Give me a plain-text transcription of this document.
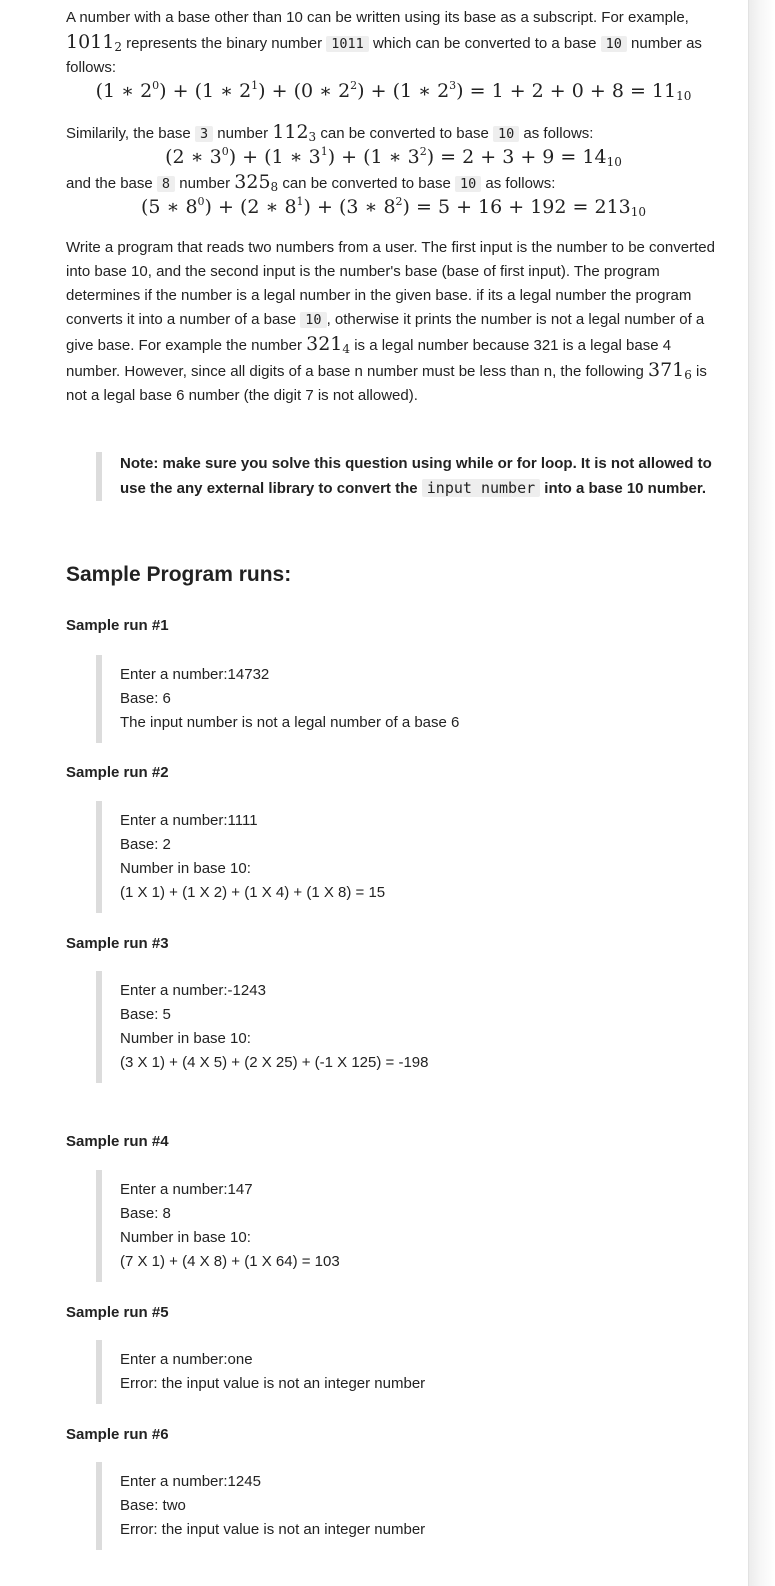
A number with a base other than 10 can be written using its base as a subscript. For example, $1011_2$ represents the binary number 1011 which can be converted to a base 10 number as follows:

(1 ∗ $2^0) + (1$ ∗ $2^1) + (0$ ∗ $2^2) + (1$ ∗ $2^3) = 1 + 2 + 0 + 8 = 11_{10}$

Similarily, the base 3 number $112_3$ can be converted to base 10 as follows:

(2 ∗ $3^0) + (1$ ∗ $3^1) + (1$ ∗ $3^2) = 2 + 3 + 9 = 14_{10}$

and the base 8 number $325_8$ can be converted to base 10 as follows:

(5 ∗ $8^0) + (2$ ∗ $8^1) + (3$ ∗ $8^2) = 5 + 16 + 192 = 213_{10}$

Write a program that reads two numbers from a user. The first input is the number to be converted into base 10, and the second input is the number's base (base of first input). The program determines if the number is a legal number in the given base. if its a legal number the program converts it into a number of a base 10 , otherwise it prints the number is not a legal number of a give base. For example the number $321_4$ is a legal number because 321 is a legal base 4 number. However, since all digits of a base n number must be less than n, the following $371_6$ is not a legal base 6 number (the digit 7 is not allowed).

Note: make sure you solve this question using while or for loop. It is not allowed to use the any external library to convert the input number into a base 10 number.
Sample Program runs:
Sample run #1
Enter a number:14732
Base: 6
The input number is not a legal number of a base 6
Sample run #2
Enter a number:1111
Base: 2
Number in base 10:
(1 X 1) + (1 X 2) + (1 X 4) + (1 X 8) = 15
Sample run #3
Enter a number:-1243
Base: 5
Number in base 10:
(3 X 1) + (4 X 5) + (2 X 25) + (-1 X 125) = -198
Sample run #4
Enter a number:147
Base: 8
Number in base 10:
(7 X 1) + (4 X 8) + (1 X 64) = 103
Sample run #5
Enter a number:one
Error: the input value is not an integer number
Sample run #6
Enter a number:1245
Base: two
Error: the input value is not an integer number
